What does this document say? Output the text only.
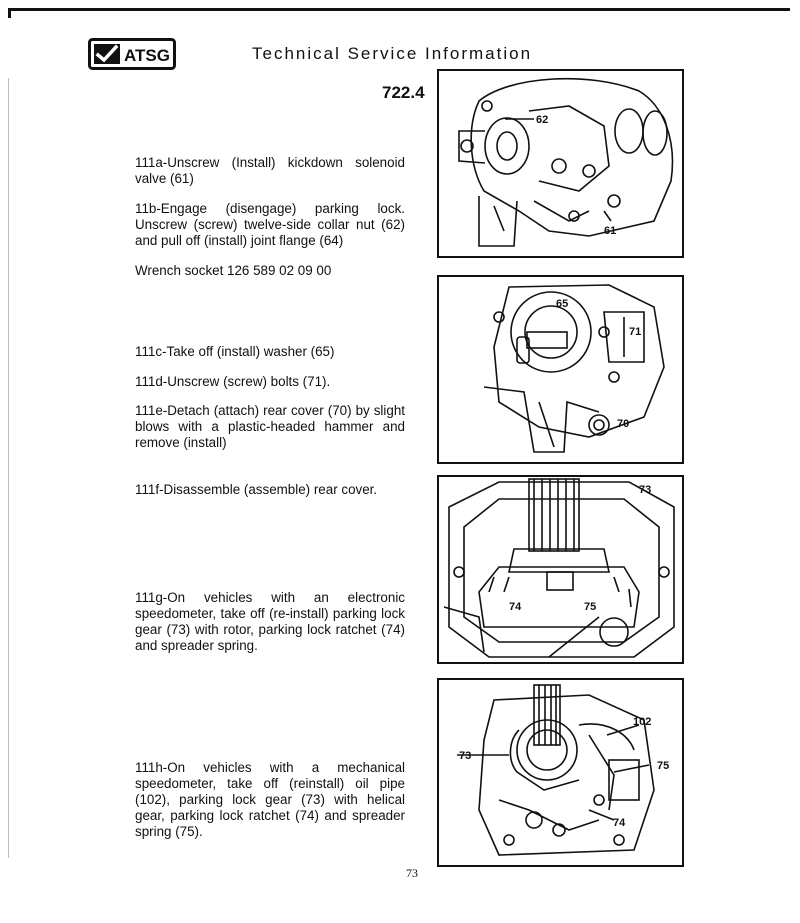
ATSG	Technical Service Information
722.4
111a-Unscrew (Install) kickdown solenoid valve (61)
11b-Engage (disengage) parking lock. Unscrew (screw) twelve-side collar nut (62) and pull off (install) joint flange (64)
Wrench socket 126 589 02 09 00
111c-Take off (install) washer (65)
111d-Unscrew (screw) bolts (71).
111e-Detach (attach) rear cover (70) by slight blows with a plastic-headed hammer and remove (install)
111f-Disassemble (assemble) rear cover.
111g-On vehicles with an electronic speedometer, take off (re-install) parking lock gear (73) with rotor, parking lock ratchet (74) and spreader spring.
111h-On vehicles with a mechanical speedometer, take off (reinstall) oil pipe (102), parking lock gear (73) with helical gear, parking lock ratchet (74) and spreader spring (75).
62
61
65
71
70
73
74	75
102
73
75
74
73
